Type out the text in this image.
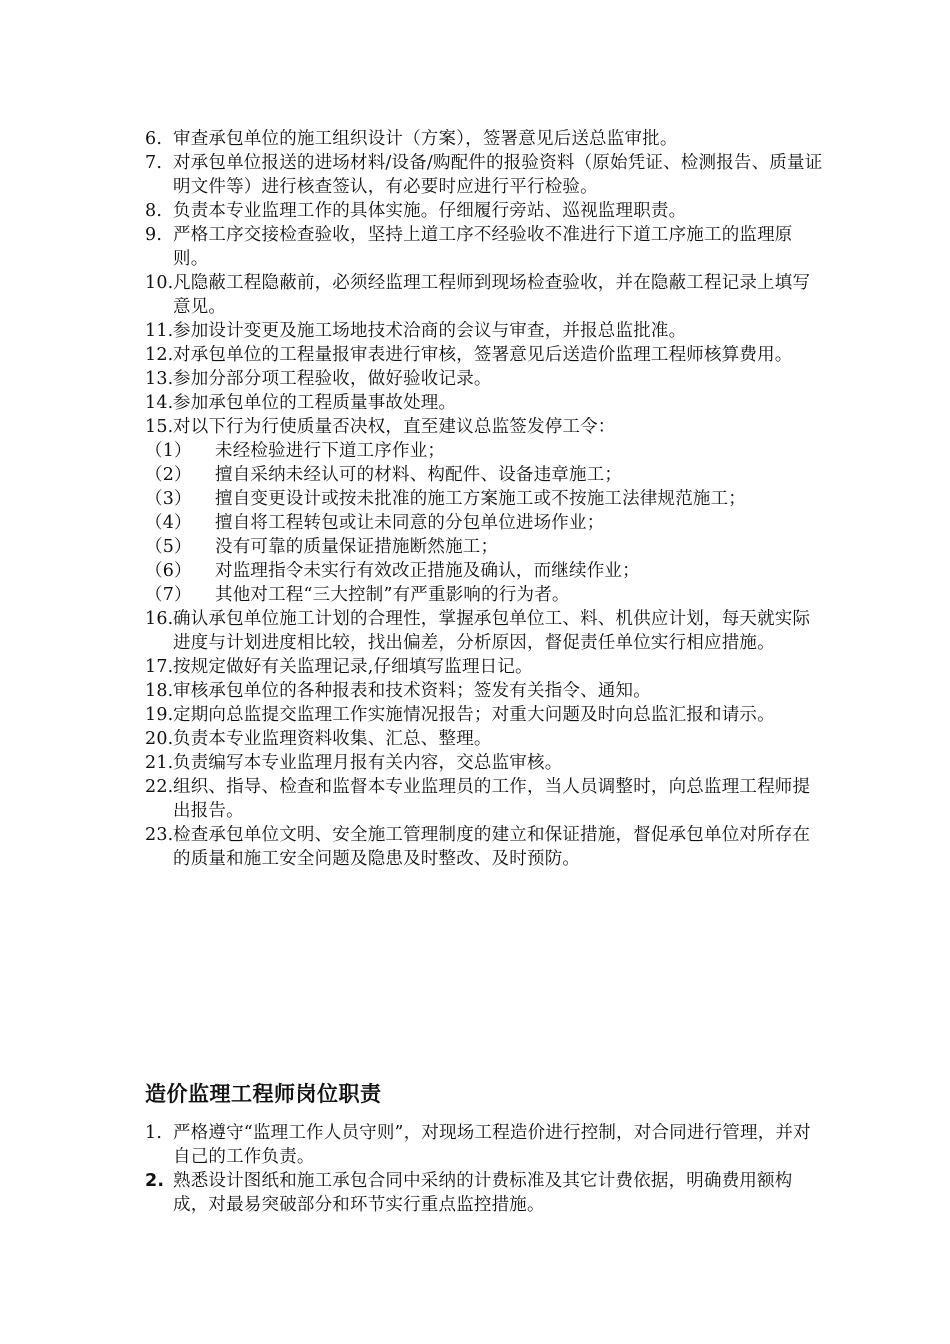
6. 审查承包单位的施工组织设计（方案），签署意见后送总监审批。
7. 对承包单位报送的进场材料/设备/购配件的报验资料（原始凭证、检测报告、质量证明文件等）进行核查签认，有必要时应进行平行检验。
8. 负责本专业监理工作的具体实施。仔细履行旁站、巡视监理职责。
9. 严格工序交接检查验收，坚持上道工序不经验收不准进行下道工序施工的监理原则。
10. 凡隐蔽工程隐蔽前，必须经监理工程师到现场检查验收，并在隐蔽工程记录上填写意见。
11. 参加设计变更及施工场地技术洽商的会议与审查，并报总监批准。
12. 对承包单位的工程量报审表进行审核，签署意见后送造价监理工程师核算费用。
13. 参加分部分项工程验收，做好验收记录。
14. 参加承包单位的工程质量事故处理。
15. 对以下行为行使质量否决权，直至建议总监签发停工令：
（1） 未经检验进行下道工序作业；
（2） 擅自采纳未经认可的材料、构配件、设备违章施工；
（3） 擅自变更设计或按未批准的施工方案施工或不按施工法律规范施工；
（4） 擅自将工程转包或让未同意的分包单位进场作业；
（5） 没有可靠的质量保证措施断然施工；
（6） 对监理指令未实行有效改正措施及确认，而继续作业；
（7） 其他对工程“三大控制”有严重影响的行为者。
16. 确认承包单位施工计划的合理性，掌握承包单位工、料、机供应计划，每天就实际进度与计划进度相比较，找出偏差，分析原因，督促责任单位实行相应措施。
17. 按规定做好有关监理记录,仔细填写监理日记。
18. 审核承包单位的各种报表和技术资料；签发有关指令、通知。
19. 定期向总监提交监理工作实施情况报告；对重大问题及时向总监汇报和请示。
20. 负责本专业监理资料收集、汇总、整理。
21. 负责编写本专业监理月报有关内容，交总监审核。
22. 组织、指导、检查和监督本专业监理员的工作，当人员调整时，向总监理工程师提出报告。
23. 检查承包单位文明、安全施工管理制度的建立和保证措施，督促承包单位对所存在的质量和施工安全问题及隐患及时整改、及时预防。
造价监理工程师岗位职责
1. 严格遵守“监理工作人员守则”，对现场工程造价进行控制，对合同进行管理，并对自己的工作负责。
2. 熟悉设计图纸和施工承包合同中采纳的计费标准及其它计费依据，明确费用额构成，对最易突破部分和环节实行重点监控措施。
